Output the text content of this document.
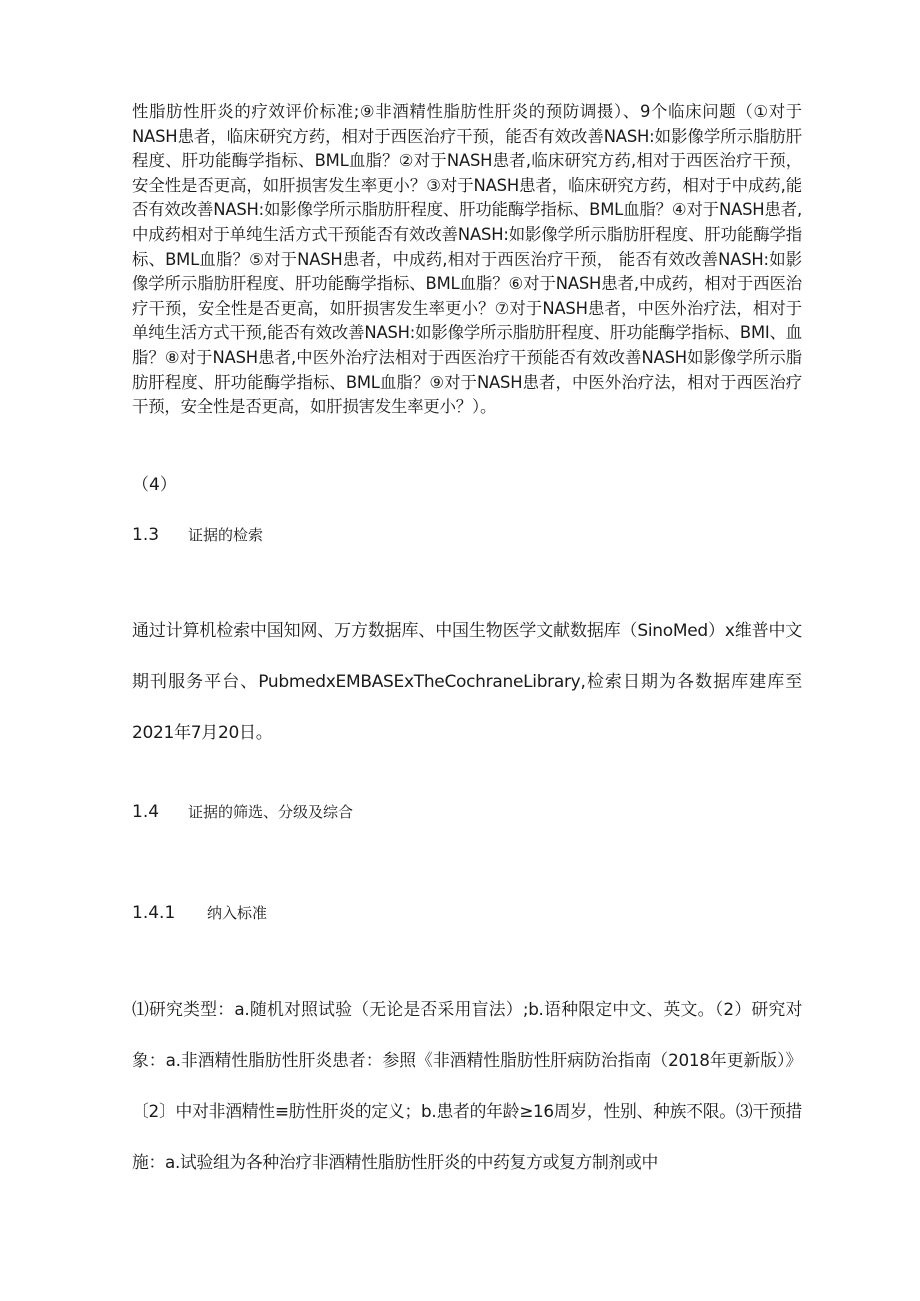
性脂肪性肝炎的疗效评价标准;⑨非酒精性脂肪性肝炎的预防调摄）、9个临床问题（①对于NASH患者，临床研究方药，相对于西医治疗干预，能否有效改善NASH:如影像学所示脂肪肝程度、肝功能酶学指标、BML血脂？②对于NASH患者,临床研究方药,相对于西医治疗干预，安全性是否更高，如肝损害发生率更小？③对于NASH患者，临床研究方药，相对于中成药,能否有效改善NASH:如影像学所示脂肪肝程度、肝功能酶学指标、BML血脂？④对于NASH患者,中成药相对于单纯生活方式干预能否有效改善NASH:如影像学所示脂肪肝程度、肝功能酶学指标、BML血脂？⑤对于NASH患者，中成药,相对于西医治疗干预， 能否有效改善NASH:如影像学所示脂肪肝程度、肝功能酶学指标、BML血脂？⑥对于NASH患者,中成药，相对于西医治疗干预，安全性是否更高，如肝损害发生率更小？⑦对于NASH患者，中医外治疗法，相对于单纯生活方式干预,能否有效改善NASH:如影像学所示脂肪肝程度、肝功能酶学指标、BMI、血脂？⑧对于NASH患者,中医外治疗法相对于西医治疗干预能否有效改善NASH如影像学所示脂肪肝程度、肝功能酶学指标、BML血脂？⑨对于NASH患者，中医外治疗法，相对于西医治疗干预，安全性是否更高，如肝损害发生率更小？）。

（4）

1.3	证据的检索

通过计算机检索中国知网、万方数据库、中国生物医学文献数据库（SinoMed）x维普中文期刊服务平台、PubmedxEMBASExTheCochraneLibrary,检索日期为各数据库建库至2021年7月20日。

1.4	证据的筛选、分级及综合
1.4.1	纳入标准

⑴研究类型：a.随机对照试验（无论是否采用盲法）;b.语种限定中文、英文。（2）研究对象：a.非酒精性脂肪性肝炎患者：参照《非酒精性脂肪性肝病防治指南（2018年更新版）》〔2〕中对非酒精性≡肪性肝炎的定义；b.患者的年龄≥16周岁，性别、种族不限。⑶干预措施：a.试验组为各种治疗非酒精性脂肪性肝炎的中药复方或复方制剂或中
